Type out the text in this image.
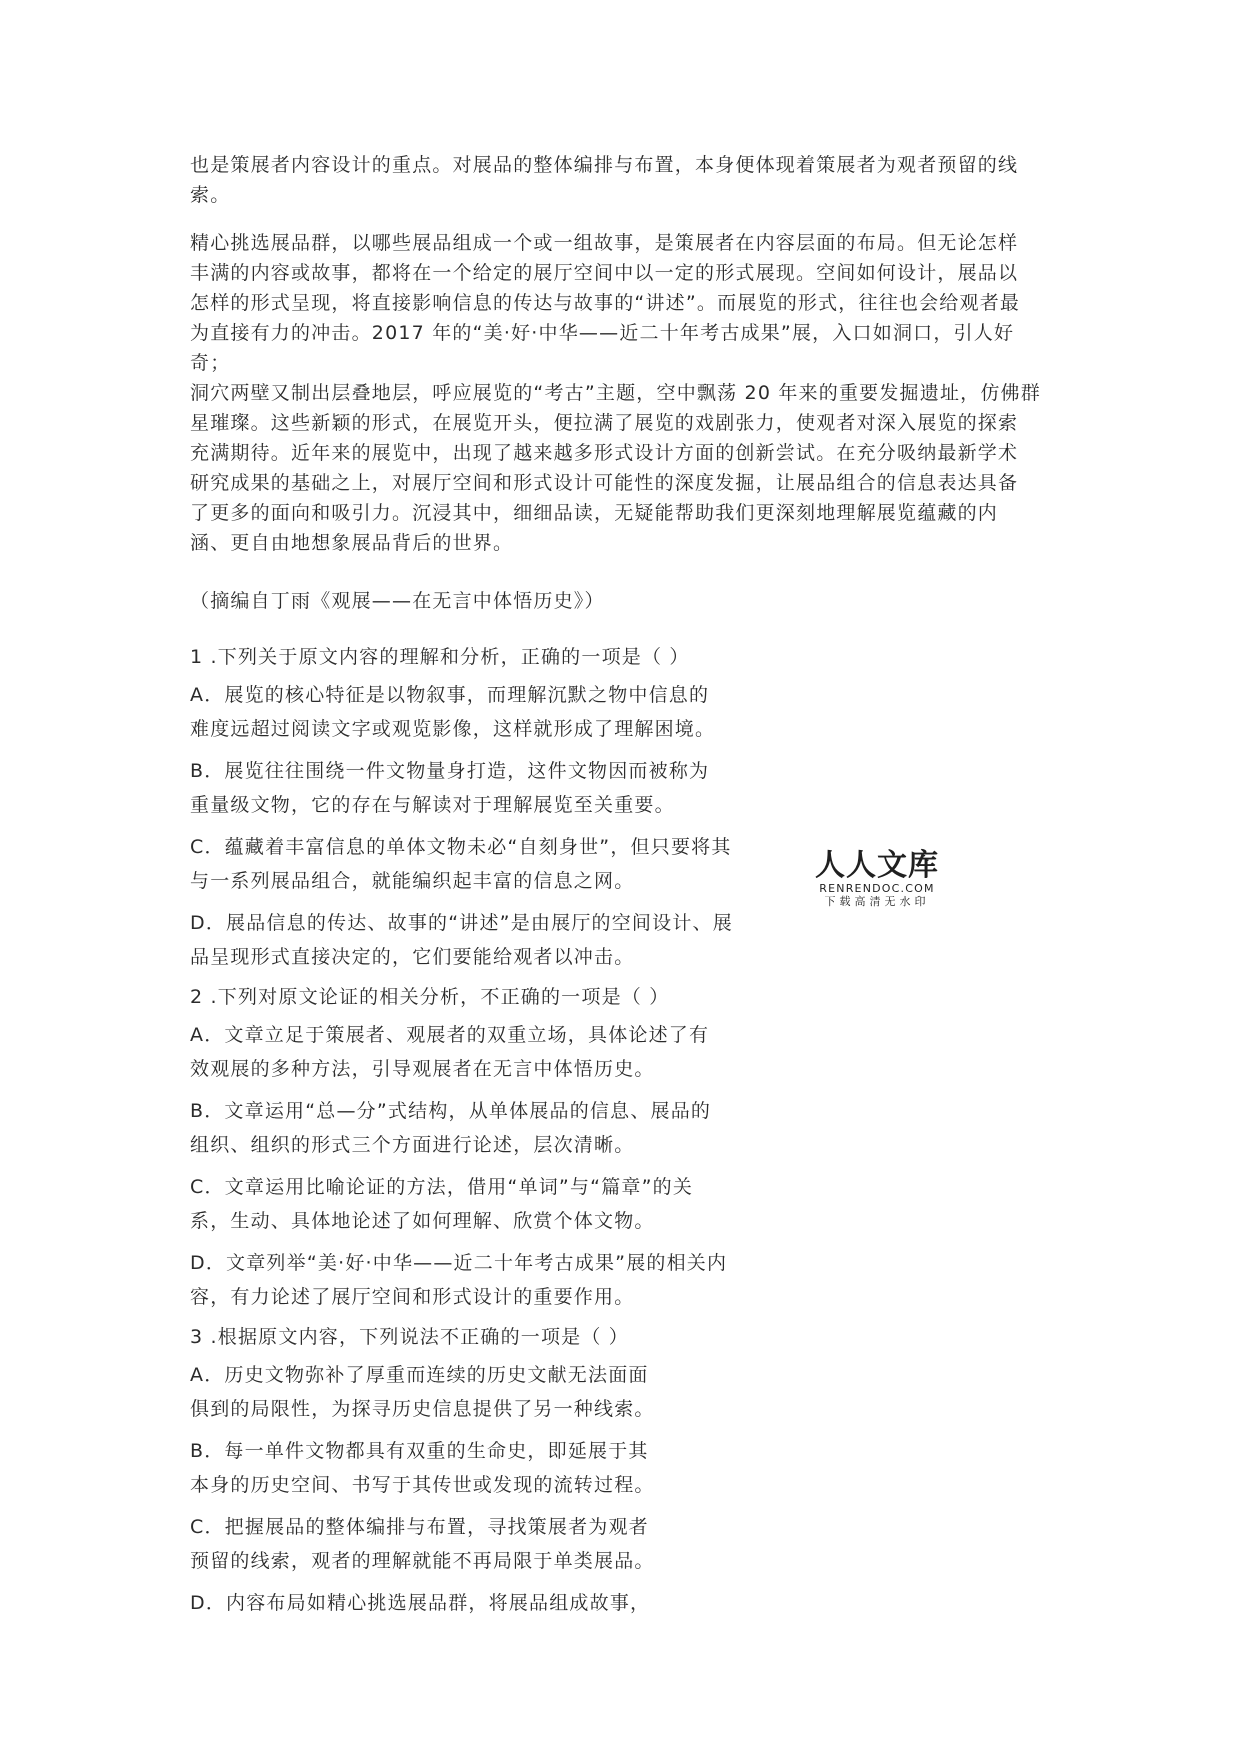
也是策展者内容设计的重点。对展品的整体编排与布置，本身便体现着策展者为观者预留的线
索。

精心挑选展品群，以哪些展品组成一个或一组故事，是策展者在内容层面的布局。但无论怎样
丰满的内容或故事，都将在一个给定的展厅空间中以一定的形式展现。空间如何设计，展品以
怎样的形式呈现，将直接影响信息的传达与故事的“讲述”。而展览的形式，往往也会给观者最
为直接有力的冲击。2017 年的“美·好·中华——近二十年考古成果”展，入口如洞口，引人好奇；
洞穴两壁又制出层叠地层，呼应展览的“考古”主题，空中飘荡 20 年来的重要发掘遗址，仿佛群
星璀璨。这些新颖的形式，在展览开头，便拉满了展览的戏剧张力，使观者对深入展览的探索
充满期待。近年来的展览中，出现了越来越多形式设计方面的创新尝试。在充分吸纳最新学术
研究成果的基础之上，对展厅空间和形式设计可能性的深度发掘，让展品组合的信息表达具备
了更多的面向和吸引力。沉浸其中，细细品读，无疑能帮助我们更深刻地理解展览蕴藏的内
涵、更自由地想象展品背后的世界。

（摘编自丁雨《观展——在无言中体悟历史》）

1 .下列关于原文内容的理解和分析，正确的一项是（ ）

A．展览的核心特征是以物叙事，而理解沉默之物中信息的
难度远超过阅读文字或观览影像，这样就形成了理解困境。

B．展览往往围绕一件文物量身打造，这件文物因而被称为
重量级文物，它的存在与解读对于理解展览至关重要。

C．蕴藏着丰富信息的单体文物未必“自刻身世”，但只要将其
与一系列展品组合，就能编织起丰富的信息之网。

D．展品信息的传达、故事的“讲述”是由展厅的空间设计、展
品呈现形式直接决定的，它们要能给观者以冲击。

2 .下列对原文论证的相关分析，不正确的一项是（ ）

A．文章立足于策展者、观展者的双重立场，具体论述了有
效观展的多种方法，引导观展者在无言中体悟历史。

B．文章运用“总—分”式结构，从单体展品的信息、展品的
组织、组织的形式三个方面进行论述，层次清晰。

C．文章运用比喻论证的方法，借用“单词”与“篇章”的关
系，生动、具体地论述了如何理解、欣赏个体文物。

D．文章列举“美·好·中华——近二十年考古成果”展的相关内
容，有力论述了展厅空间和形式设计的重要作用。

3 .根据原文内容，下列说法不正确的一项是（ ）

A．历史文物弥补了厚重而连续的历史文献无法面面
俱到的局限性，为探寻历史信息提供了另一种线索。

B．每一单件文物都具有双重的生命史，即延展于其
本身的历史空间、书写于其传世或发现的流转过程。

C．把握展品的整体编排与布置，寻找策展者为观者
预留的线索，观者的理解就能不再局限于单类展品。

D．内容布局如精心挑选展品群，将展品组成故事，

人人文库
RENRENDOC.COM
下载高清无水印
